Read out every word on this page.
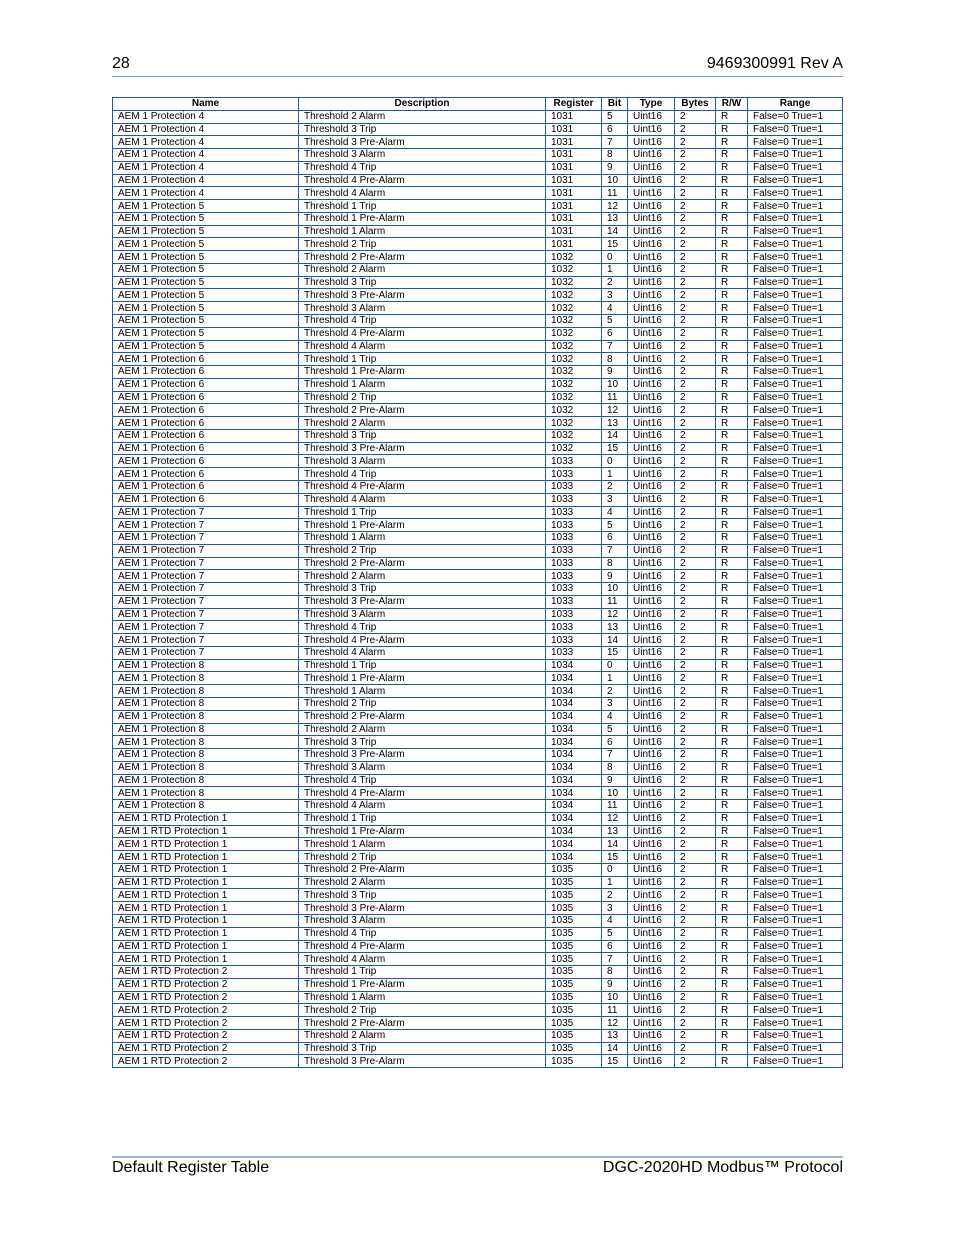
28	9469300991 Rev A
Name	Description	Register	Bit	Type	Bytes	R/W	Range
AEM 1 Protection 4	Threshold 2 Alarm	1031	5	Uint16	2	R	False=0 True=1
AEM 1 Protection 4	Threshold 3 Trip	1031	6	Uint16	2	R	False=0 True=1
AEM 1 Protection 4	Threshold 3 Pre-Alarm	1031	7	Uint16	2	R	False=0 True=1
AEM 1 Protection 4	Threshold 3 Alarm	1031	8	Uint16	2	R	False=0 True=1
AEM 1 Protection 4	Threshold 4 Trip	1031	9	Uint16	2	R	False=0 True=1
AEM 1 Protection 4	Threshold 4 Pre-Alarm	1031	10	Uint16	2	R	False=0 True=1
AEM 1 Protection 4	Threshold 4 Alarm	1031	11	Uint16	2	R	False=0 True=1
AEM 1 Protection 5	Threshold 1 Trip	1031	12	Uint16	2	R	False=0 True=1
AEM 1 Protection 5	Threshold 1 Pre-Alarm	1031	13	Uint16	2	R	False=0 True=1
AEM 1 Protection 5	Threshold 1 Alarm	1031	14	Uint16	2	R	False=0 True=1
AEM 1 Protection 5	Threshold 2 Trip	1031	15	Uint16	2	R	False=0 True=1
AEM 1 Protection 5	Threshold 2 Pre-Alarm	1032	0	Uint16	2	R	False=0 True=1
AEM 1 Protection 5	Threshold 2 Alarm	1032	1	Uint16	2	R	False=0 True=1
AEM 1 Protection 5	Threshold 3 Trip	1032	2	Uint16	2	R	False=0 True=1
AEM 1 Protection 5	Threshold 3 Pre-Alarm	1032	3	Uint16	2	R	False=0 True=1
AEM 1 Protection 5	Threshold 3 Alarm	1032	4	Uint16	2	R	False=0 True=1
AEM 1 Protection 5	Threshold 4 Trip	1032	5	Uint16	2	R	False=0 True=1
AEM 1 Protection 5	Threshold 4 Pre-Alarm	1032	6	Uint16	2	R	False=0 True=1
AEM 1 Protection 5	Threshold 4 Alarm	1032	7	Uint16	2	R	False=0 True=1
AEM 1 Protection 6	Threshold 1 Trip	1032	8	Uint16	2	R	False=0 True=1
AEM 1 Protection 6	Threshold 1 Pre-Alarm	1032	9	Uint16	2	R	False=0 True=1
AEM 1 Protection 6	Threshold 1 Alarm	1032	10	Uint16	2	R	False=0 True=1
AEM 1 Protection 6	Threshold 2 Trip	1032	11	Uint16	2	R	False=0 True=1
AEM 1 Protection 6	Threshold 2 Pre-Alarm	1032	12	Uint16	2	R	False=0 True=1
AEM 1 Protection 6	Threshold 2 Alarm	1032	13	Uint16	2	R	False=0 True=1
AEM 1 Protection 6	Threshold 3 Trip	1032	14	Uint16	2	R	False=0 True=1
AEM 1 Protection 6	Threshold 3 Pre-Alarm	1032	15	Uint16	2	R	False=0 True=1
AEM 1 Protection 6	Threshold 3 Alarm	1033	0	Uint16	2	R	False=0 True=1
AEM 1 Protection 6	Threshold 4 Trip	1033	1	Uint16	2	R	False=0 True=1
AEM 1 Protection 6	Threshold 4 Pre-Alarm	1033	2	Uint16	2	R	False=0 True=1
AEM 1 Protection 6	Threshold 4 Alarm	1033	3	Uint16	2	R	False=0 True=1
AEM 1 Protection 7	Threshold 1 Trip	1033	4	Uint16	2	R	False=0 True=1
AEM 1 Protection 7	Threshold 1 Pre-Alarm	1033	5	Uint16	2	R	False=0 True=1
AEM 1 Protection 7	Threshold 1 Alarm	1033	6	Uint16	2	R	False=0 True=1
AEM 1 Protection 7	Threshold 2 Trip	1033	7	Uint16	2	R	False=0 True=1
AEM 1 Protection 7	Threshold 2 Pre-Alarm	1033	8	Uint16	2	R	False=0 True=1
AEM 1 Protection 7	Threshold 2 Alarm	1033	9	Uint16	2	R	False=0 True=1
AEM 1 Protection 7	Threshold 3 Trip	1033	10	Uint16	2	R	False=0 True=1
AEM 1 Protection 7	Threshold 3 Pre-Alarm	1033	11	Uint16	2	R	False=0 True=1
AEM 1 Protection 7	Threshold 3 Alarm	1033	12	Uint16	2	R	False=0 True=1
AEM 1 Protection 7	Threshold 4 Trip	1033	13	Uint16	2	R	False=0 True=1
AEM 1 Protection 7	Threshold 4 Pre-Alarm	1033	14	Uint16	2	R	False=0 True=1
AEM 1 Protection 7	Threshold 4 Alarm	1033	15	Uint16	2	R	False=0 True=1
AEM 1 Protection 8	Threshold 1 Trip	1034	0	Uint16	2	R	False=0 True=1
AEM 1 Protection 8	Threshold 1 Pre-Alarm	1034	1	Uint16	2	R	False=0 True=1
AEM 1 Protection 8	Threshold 1 Alarm	1034	2	Uint16	2	R	False=0 True=1
AEM 1 Protection 8	Threshold 2 Trip	1034	3	Uint16	2	R	False=0 True=1
AEM 1 Protection 8	Threshold 2 Pre-Alarm	1034	4	Uint16	2	R	False=0 True=1
AEM 1 Protection 8	Threshold 2 Alarm	1034	5	Uint16	2	R	False=0 True=1
AEM 1 Protection 8	Threshold 3 Trip	1034	6	Uint16	2	R	False=0 True=1
AEM 1 Protection 8	Threshold 3 Pre-Alarm	1034	7	Uint16	2	R	False=0 True=1
AEM 1 Protection 8	Threshold 3 Alarm	1034	8	Uint16	2	R	False=0 True=1
AEM 1 Protection 8	Threshold 4 Trip	1034	9	Uint16	2	R	False=0 True=1
AEM 1 Protection 8	Threshold 4 Pre-Alarm	1034	10	Uint16	2	R	False=0 True=1
AEM 1 Protection 8	Threshold 4 Alarm	1034	11	Uint16	2	R	False=0 True=1
AEM 1 RTD Protection 1	Threshold 1 Trip	1034	12	Uint16	2	R	False=0 True=1
AEM 1 RTD Protection 1	Threshold 1 Pre-Alarm	1034	13	Uint16	2	R	False=0 True=1
AEM 1 RTD Protection 1	Threshold 1 Alarm	1034	14	Uint16	2	R	False=0 True=1
AEM 1 RTD Protection 1	Threshold 2 Trip	1034	15	Uint16	2	R	False=0 True=1
AEM 1 RTD Protection 1	Threshold 2 Pre-Alarm	1035	0	Uint16	2	R	False=0 True=1
AEM 1 RTD Protection 1	Threshold 2 Alarm	1035	1	Uint16	2	R	False=0 True=1
AEM 1 RTD Protection 1	Threshold 3 Trip	1035	2	Uint16	2	R	False=0 True=1
AEM 1 RTD Protection 1	Threshold 3 Pre-Alarm	1035	3	Uint16	2	R	False=0 True=1
AEM 1 RTD Protection 1	Threshold 3 Alarm	1035	4	Uint16	2	R	False=0 True=1
AEM 1 RTD Protection 1	Threshold 4 Trip	1035	5	Uint16	2	R	False=0 True=1
AEM 1 RTD Protection 1	Threshold 4 Pre-Alarm	1035	6	Uint16	2	R	False=0 True=1
AEM 1 RTD Protection 1	Threshold 4 Alarm	1035	7	Uint16	2	R	False=0 True=1
AEM 1 RTD Protection 2	Threshold 1 Trip	1035	8	Uint16	2	R	False=0 True=1
AEM 1 RTD Protection 2	Threshold 1 Pre-Alarm	1035	9	Uint16	2	R	False=0 True=1
AEM 1 RTD Protection 2	Threshold 1 Alarm	1035	10	Uint16	2	R	False=0 True=1
AEM 1 RTD Protection 2	Threshold 2 Trip	1035	11	Uint16	2	R	False=0 True=1
AEM 1 RTD Protection 2	Threshold 2 Pre-Alarm	1035	12	Uint16	2	R	False=0 True=1
AEM 1 RTD Protection 2	Threshold 2 Alarm	1035	13	Uint16	2	R	False=0 True=1
AEM 1 RTD Protection 2	Threshold 3 Trip	1035	14	Uint16	2	R	False=0 True=1
AEM 1 RTD Protection 2	Threshold 3 Pre-Alarm	1035	15	Uint16	2	R	False=0 True=1
Default Register Table	DGC-2020HD Modbus™ Protocol
